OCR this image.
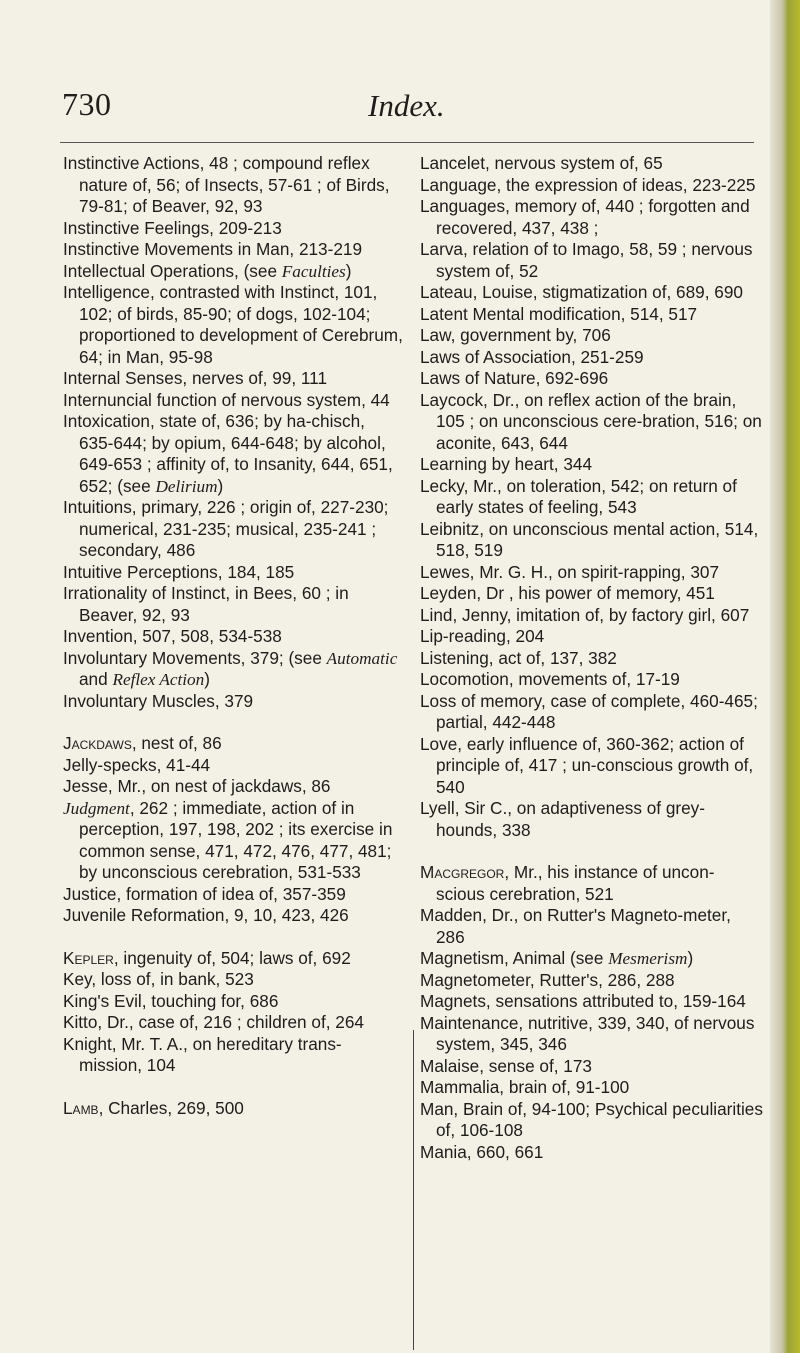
730	Index.

Instinctive Actions, 48 ; compound reflex nature of, 56; of Insects, 57-61 ; of Birds, 79-81; of Beaver, 92, 93

Instinctive Feelings, 209-213

Instinctive Movements in Man, 213-219

Intellectual Operations, (see Faculties)

Intelligence, contrasted with Instinct, 101, 102; of birds, 85-90; of dogs, 102-104; proportioned to development of Cerebrum, 64; in Man, 95-98

Internal Senses, nerves of, 99, 111

Internuncial function of nervous system, 44

Intoxication, state of, 636; by ha-chisch, 635-644; by opium, 644-648; by alcohol, 649-653 ; affinity of, to Insanity, 644, 651, 652; (see Delirium)

Intuitions, primary, 226 ; origin of, 227-230; numerical, 231-235; musical, 235-241 ; secondary, 486

Intuitive Perceptions, 184, 185

Irrationality of Instinct, in Bees, 60 ; in Beaver, 92, 93

Invention, 507, 508, 534-538

Involuntary Movements, 379; (see Automatic and Reflex Action)

Involuntary Muscles, 379

Jackdaws, nest of, 86

Jelly-specks, 41-44

Jesse, Mr., on nest of jackdaws, 86

Judgment, 262 ; immediate, action of in perception, 197, 198, 202 ; its exercise in common sense, 471, 472, 476, 477, 481; by unconscious cerebration, 531-533

Justice, formation of idea of, 357-359

Juvenile Reformation, 9, 10, 423, 426

Kepler, ingenuity of, 504; laws of, 692

Key, loss of, in bank, 523

King's Evil, touching for, 686

Kitto, Dr., case of, 216 ; children of, 264

Knight, Mr. T. A., on hereditary trans-mission, 104

Lamb, Charles, 269, 500

Lancelet, nervous system of, 65

Language, the expression of ideas, 223-225

Languages, memory of, 440 ; forgotten and recovered, 437, 438 ;

Larva, relation of to Imago, 58, 59 ; nervous system of, 52

Lateau, Louise, stigmatization of, 689, 690

Latent Mental modification, 514, 517

Law, government by, 706

Laws of Association, 251-259

Laws of Nature, 692-696

Laycock, Dr., on reflex action of the brain, 105 ; on unconscious cere-bration, 516; on aconite, 643, 644

Learning by heart, 344

Lecky, Mr., on toleration, 542; on return of early states of feeling, 543

Leibnitz, on unconscious mental action, 514, 518, 519

Lewes, Mr. G. H., on spirit-rapping, 307

Leyden, Dr , his power of memory, 451

Lind, Jenny, imitation of, by factory girl, 607

Lip-reading, 204

Listening, act of, 137, 382

Locomotion, movements of, 17-19

Loss of memory, case of complete, 460-465; partial, 442-448

Love, early influence of, 360-362; action of principle of, 417 ; un-conscious growth of, 540

Lyell, Sir C., on adaptiveness of grey-hounds, 338

Macgregor, Mr., his instance of uncon-scious cerebration, 521

Madden, Dr., on Rutter's Magneto-meter, 286

Magnetism, Animal (see Mesmerism)

Magnetometer, Rutter's, 286, 288

Magnets, sensations attributed to, 159-164

Maintenance, nutritive, 339, 340, of nervous system, 345, 346

Malaise, sense of, 173

Mammalia, brain of, 91-100

Man, Brain of, 94-100; Psychical peculiarities of, 106-108

Mania, 660, 661
